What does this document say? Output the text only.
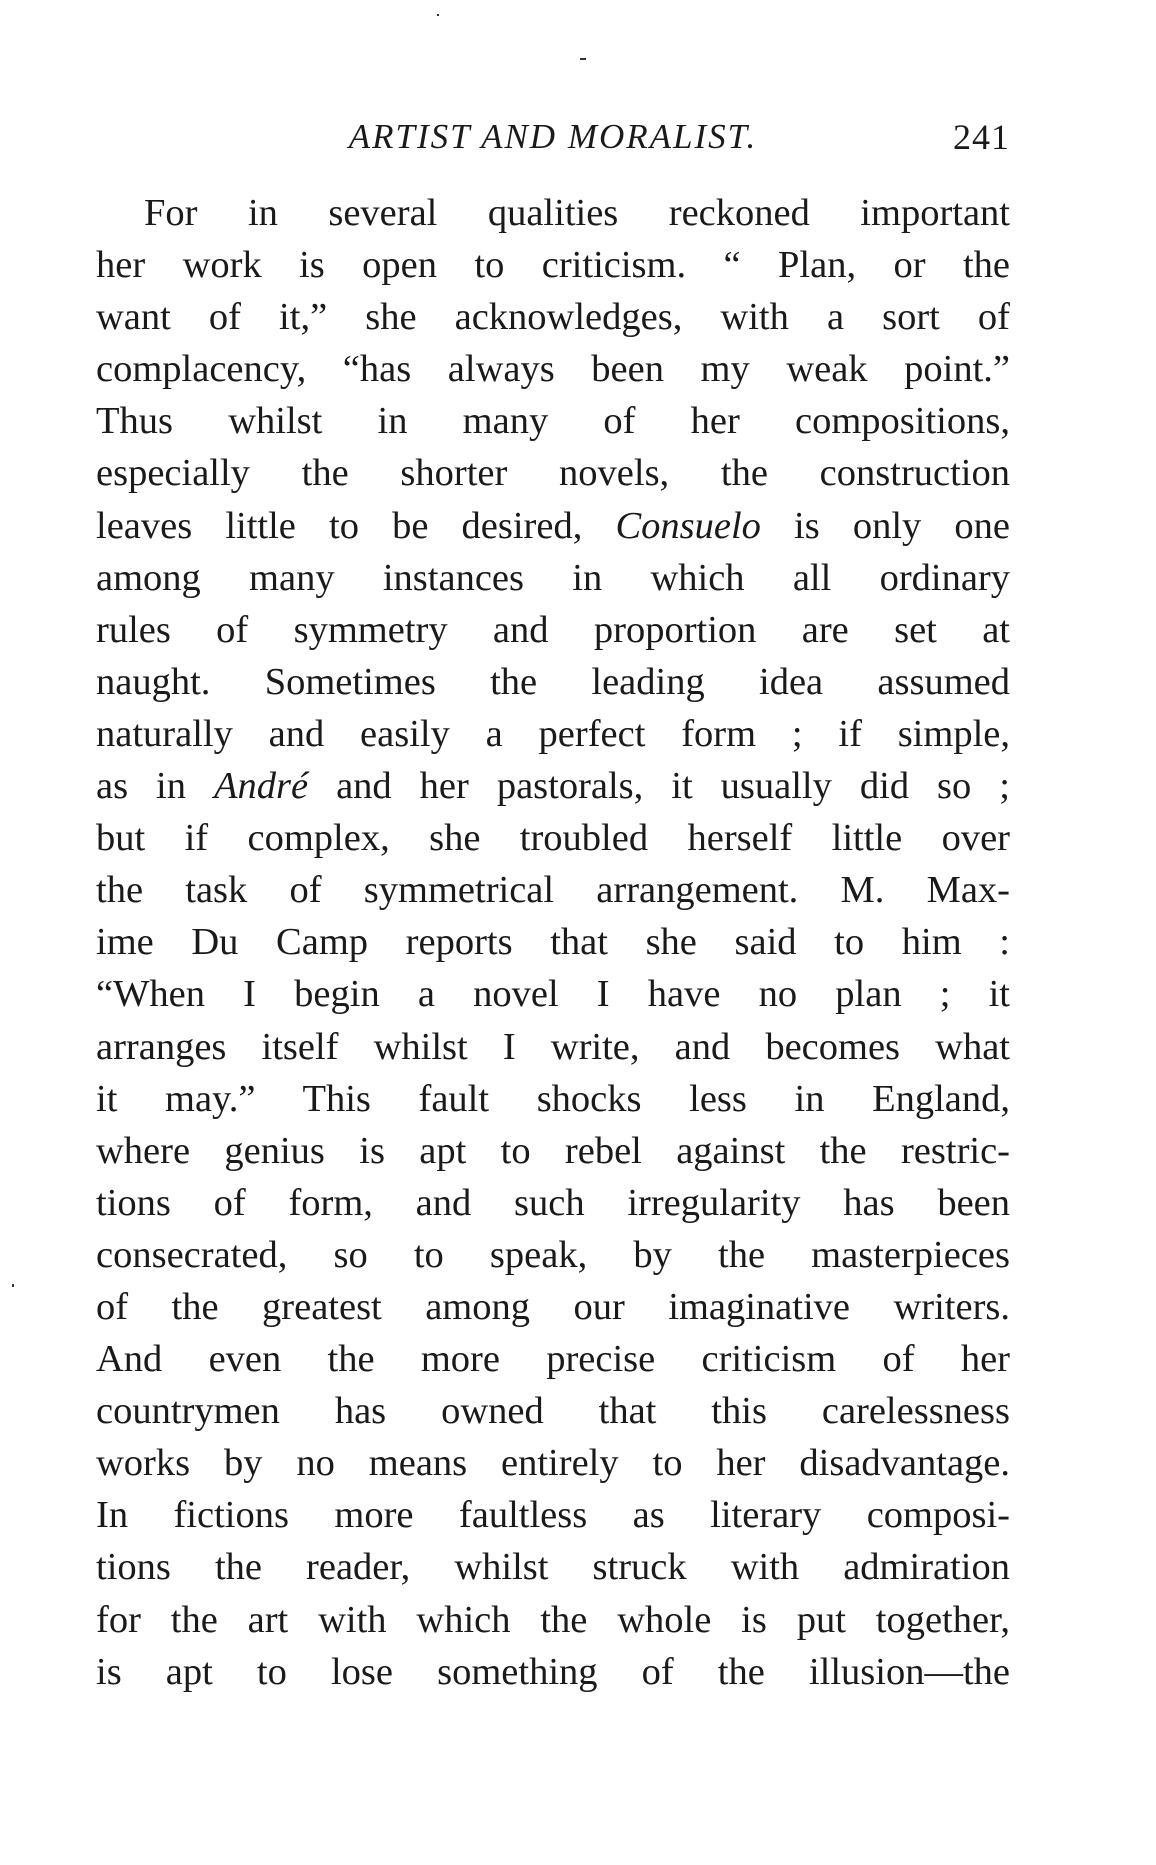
ARTIST AND MORALIST.	241
For in several qualities reckoned important
her work is open to criticism. “ Plan, or the
want of it,” she acknowledges, with a sort of
complacency, “has always been my weak point.”
Thus whilst in many of her compositions,
especially the shorter novels, the construction
leaves little to be desired, Consuelo is only one
among many instances in which all ordinary
rules of symmetry and proportion are set at
naught. Sometimes the leading idea assumed
naturally and easily a perfect form ; if simple,
as in André and her pastorals, it usually did so ;
but if complex, she troubled herself little over
the task of symmetrical arrangement. M. Max-
ime Du Camp reports that she said to him :
“When I begin a novel I have no plan ; it
arranges itself whilst I write, and becomes what
it may.” This fault shocks less in England,
where genius is apt to rebel against the restric-
tions of form, and such irregularity has been
consecrated, so to speak, by the masterpieces
of the greatest among our imaginative writers.
And even the more precise criticism of her
countrymen has owned that this carelessness
works by no means entirely to her disadvantage.
In fictions more faultless as literary composi-
tions the reader, whilst struck with admiration
for the art with which the whole is put together,
is apt to lose something of the illusion—the
